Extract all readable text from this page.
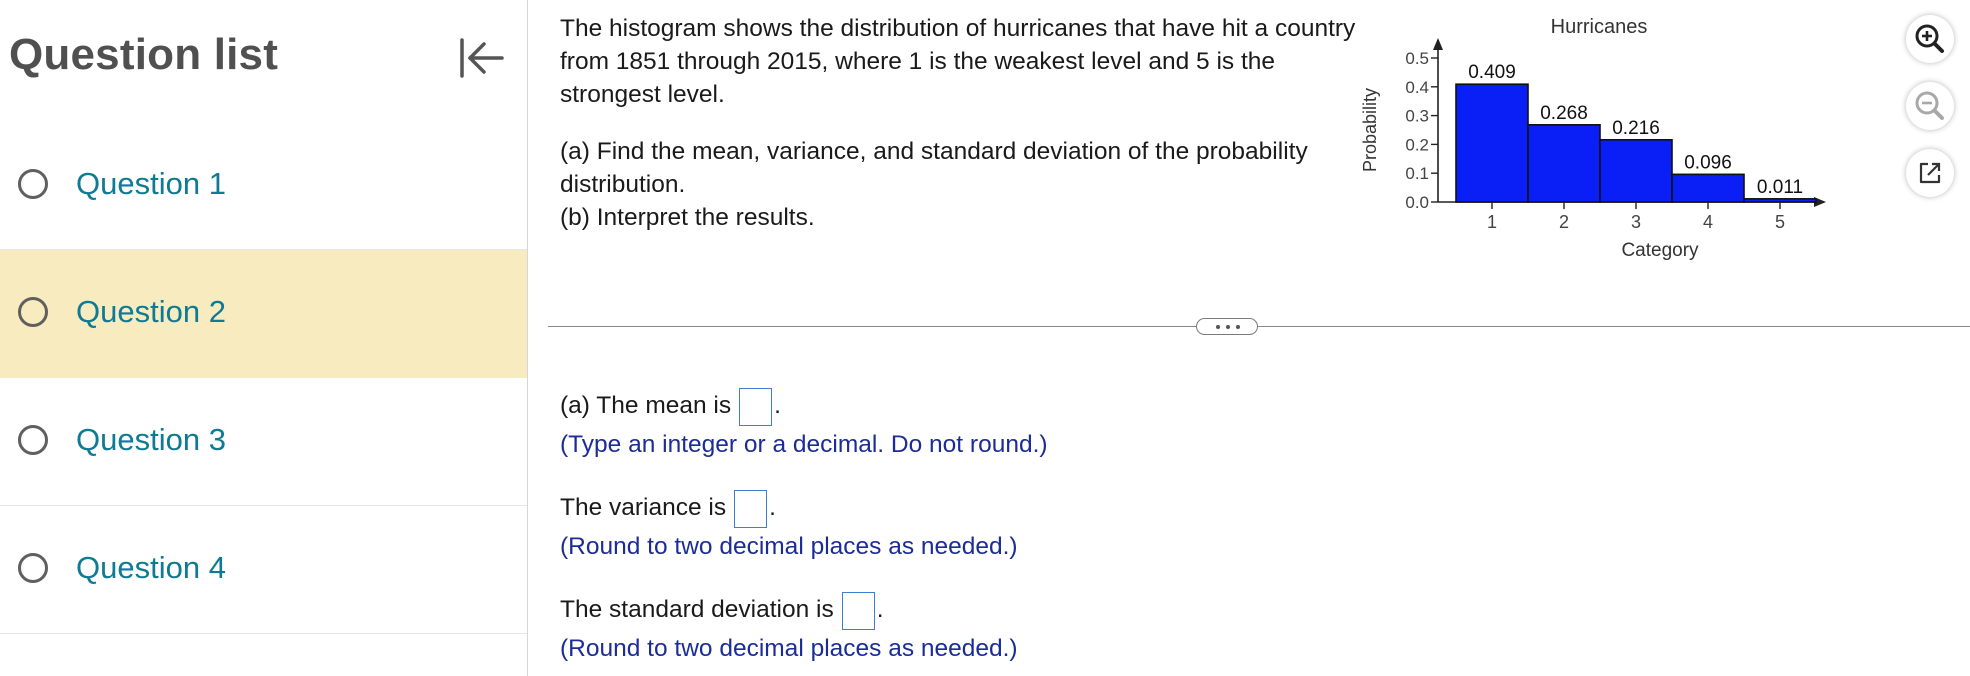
Question list
Question 1
Question 2
Question 3
Question 4

The histogram shows the distribution of hurricanes that have hit a country from 1851 through 2015, where 1 is the weakest level and 5 is the strongest level.

(a) Find the mean, variance, and standard deviation of the probability distribution.

(b) Interpret the results.

Hurricanes
Probability
Category
0.409
0.268
0.216
0.096
0.011
0.0
0.1
0.2
0.3
0.4
0.5
1	2	3	4	5
(a) The mean is .
(Type an integer or a decimal. Do not round.)
The variance is .
(Round to two decimal places as needed.)
The standard deviation is .
(Round to two decimal places as needed.)
